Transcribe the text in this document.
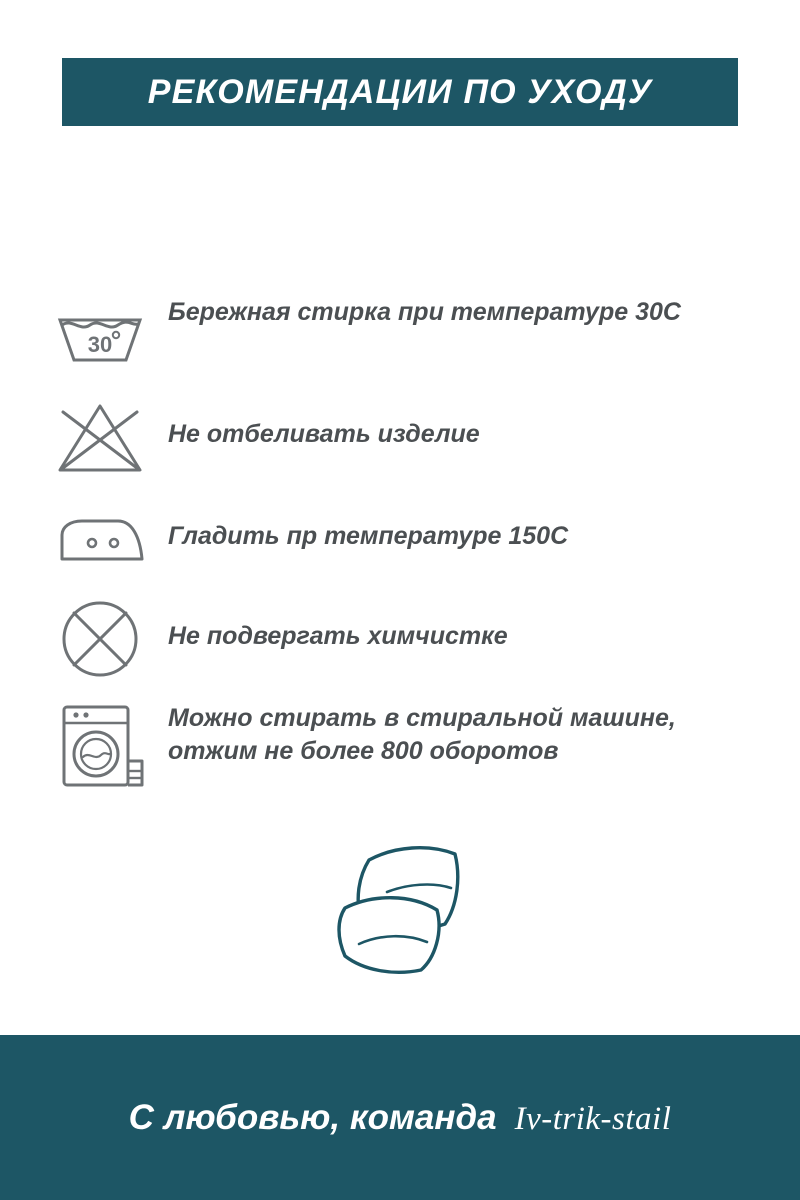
РЕКОМЕНДАЦИИ ПО УХОДУ
30
Бережная стирка при температуре 30С
Не отбеливать изделие
Гладить пр температуре 150С
Не подвергать химчистке
Можно стирать в стиральной машине, отжим не более 800 оборотов
С любовью, команда Iv-trik-stail
